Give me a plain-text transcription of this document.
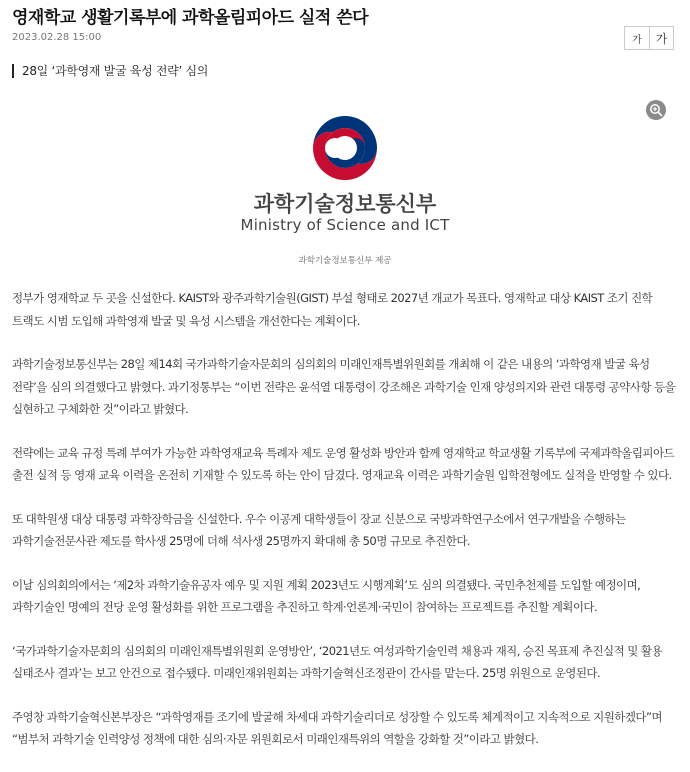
영재학교 생활기록부에 과학올림피아드 실적 쓴다
2023.02.28 15:00	가	가
28일 ‘과학영재 발굴 육성 전략’ 심의
과학기술정보통신부
Ministry of Science and ICT
과학기술정보통신부 제공

정부가 영재학교 두 곳을 신설한다. KAIST와 광주과학기술원(GIST) 부설 형태로 2027년 개교가 목표다. 영재학교 대상 KAIST 조기 진학 트랙도 시범 도입해 과학영재 발굴 및 육성 시스템을 개선한다는 계획이다.

과학기술정보통신부는 28일 제14회 국가과학기술자문회의 심의회의 미래인재특별위원회를 개최해 이 같은 내용의 ‘과학영재 발굴 육성 전략’을 심의 의결했다고 밝혔다. 과기정통부는 “이번 전략은 윤석열 대통령이 강조해온 과학기술 인재 양성의지와 관련 대통령 공약사항 등을 실현하고 구체화한 것”이라고 밝혔다.

전략에는 교육 규정 특례 부여가 가능한 과학영재교육 특례자 제도 운영 활성화 방안과 함께 영재학교 학교생활 기록부에 국제과학올림피아드 출전 실적 등 영재 교육 이력을 온전히 기재할 수 있도록 하는 안이 담겼다. 영재교육 이력은 과학기술원 입학전형에도 실적을 반영할 수 있다.

또 대학원생 대상 대통령 과학장학금을 신설한다. 우수 이공계 대학생들이 장교 신분으로 국방과학연구소에서 연구개발을 수행하는 과학기술전문사관 제도를 학사생 25명에 더해 석사생 25명까지 확대해 총 50명 규모로 추진한다.

이날 심의회의에서는 ‘제2차 과학기술유공자 예우 및 지원 계획 2023년도 시행계획’도 심의 의결됐다. 국민추천제를 도입할 예정이며, 과학기술인 명예의 전당 운영 활성화를 위한 프로그램을 추진하고 학계·언론계·국민이 참여하는 프로젝트를 추진할 계획이다.

‘국가과학기술자문회의 심의회의 미래인재특별위원회 운영방안’, ‘2021년도 여성과학기술인력 채용과 재직, 승진 목표제 추진실적 및 활용 실태조사 결과’는 보고 안건으로 접수됐다. 미래인재위원회는 과학기술혁신조정관이 간사를 맡는다. 25명 위원으로 운영된다.

주영창 과학기술혁신본부장은 “과학영재를 조기에 발굴해 차세대 과학기술리더로 성장할 수 있도록 체계적이고 지속적으로 지원하겠다”며 “범부처 과학기술 인력양성 정책에 대한 심의·자문 위원회로서 미래인재특위의 역할을 강화할 것”이라고 밝혔다.
